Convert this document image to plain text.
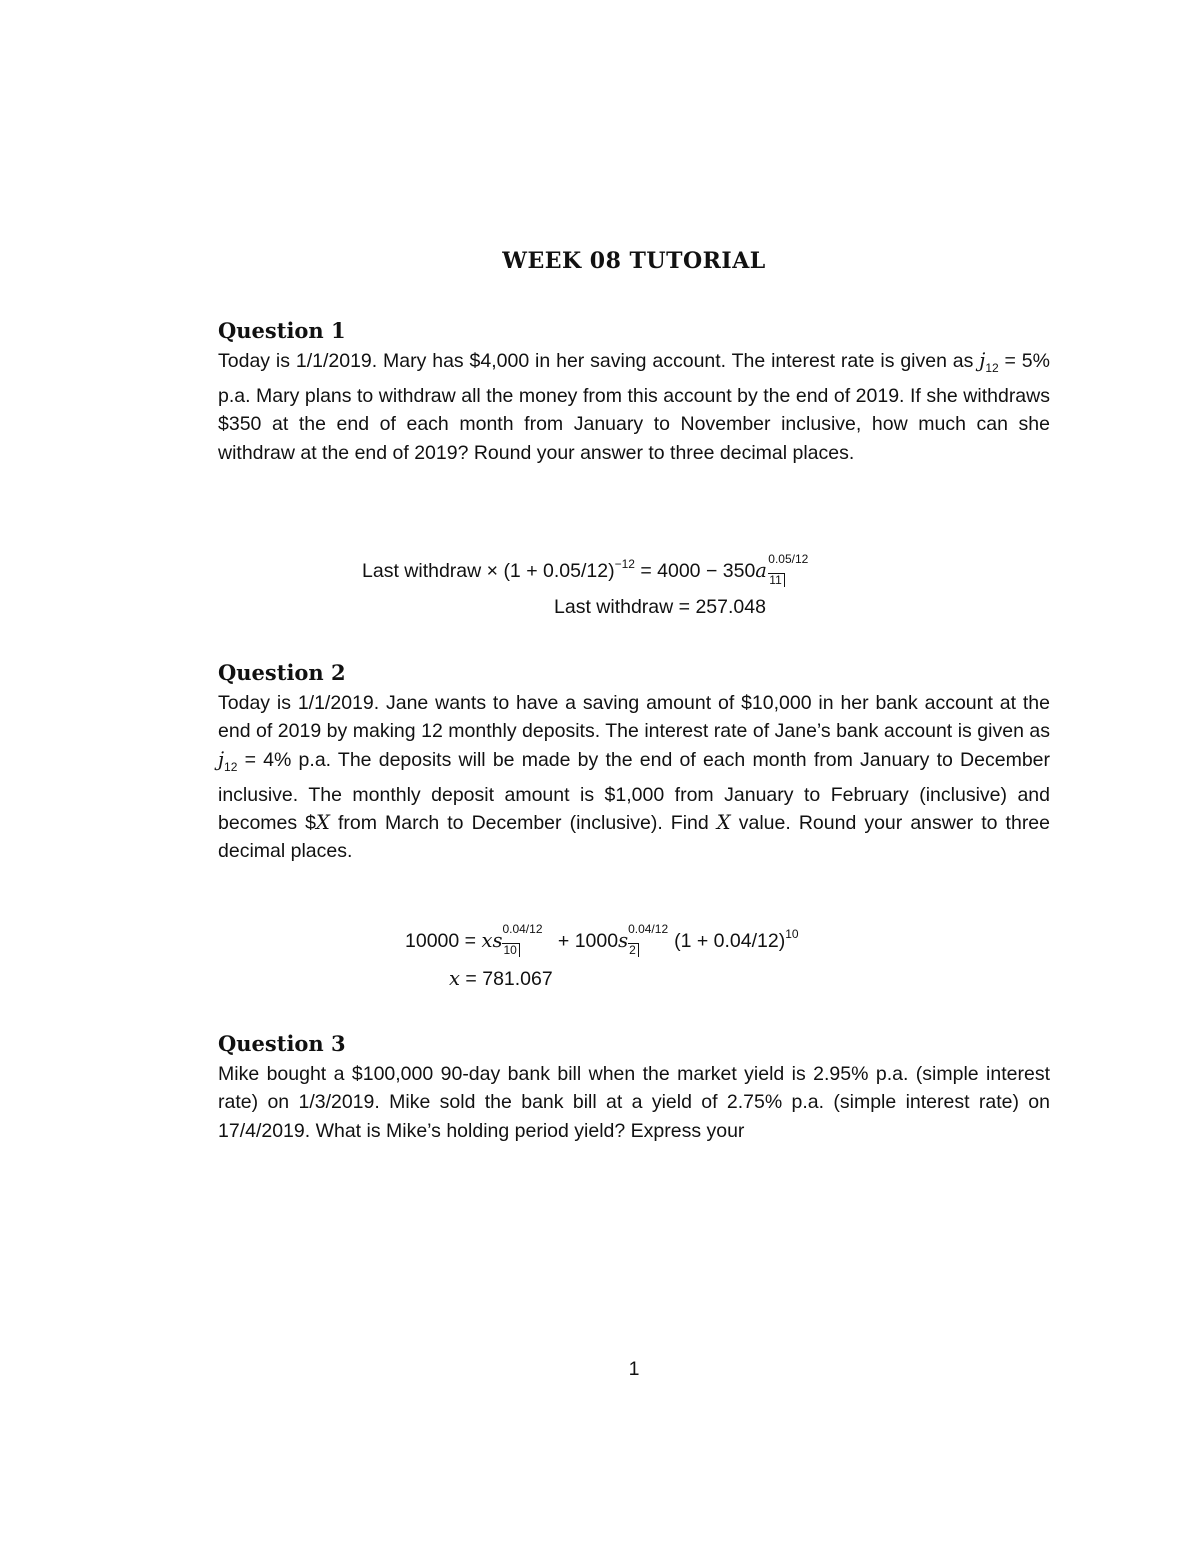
WEEK 08 TUTORIAL
Question 1

Today is 1/1/2019. Mary has $4,000 in her saving account. The interest rate is given as $j_{12} = 5\%$ p.a. Mary plans to withdraw all the money from this account by the end of 2019. If she withdraws $350 at the end of each month from January to November inclusive, how much can she withdraw at the end of 2019? Round your answer to three decimal places.

Last withdraw × $(1 + 0.05/12)^{-12} = 4000 - 350a$ 0.05/12
11
Last withdraw = 257.048
Question 2

Today is 1/1/2019. Jane wants to have a saving amount of $10,000 in her bank account at the end of 2019 by making 12 monthly deposits. The interest rate of Jane’s bank account is given as $j_{12} = 4\%$ p.a. The deposits will be made by the end of each month from January to December inclusive. The monthly deposit amount is $1,000 from January to February (inclusive) and becomes $X from March to December (inclusive). Find X value. Round your answer to three decimal places.

10000 = xs 0.04/12
10 + 1000s 0.04/12
2 $(1 + 0.04/12)^{10}$
x = 781.067
Question 3

Mike bought a $100,000 90-day bank bill when the market yield is 2.95% p.a. (simple interest rate) on 1/3/2019. Mike sold the bank bill at a yield of 2.75% p.a. (simple interest rate) on 17/4/2019. What is Mike’s holding period yield? Express your

1
